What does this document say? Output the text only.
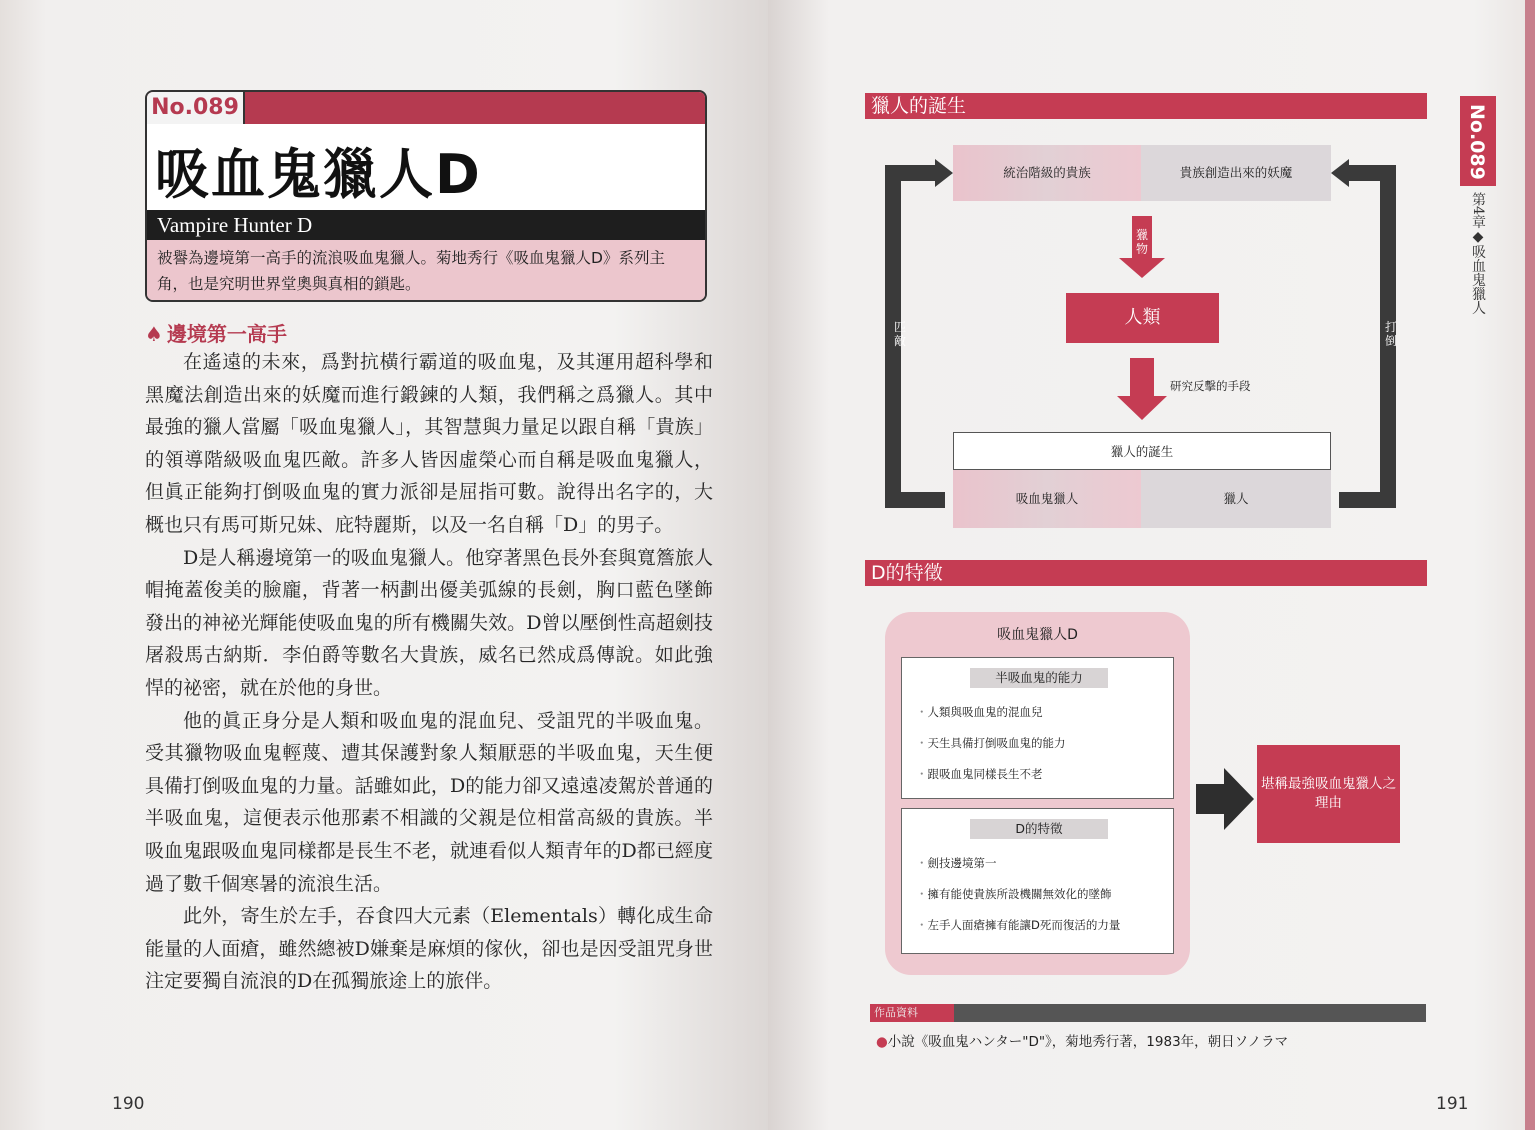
No.089
吸血鬼獵人D
Vampire Hunter D
被譽為邊境第一高手的流浪吸血鬼獵人。菊地秀行《吸血鬼獵人D》系列主角，也是究明世界堂奧與真相的鎖匙。
♠ 邊境第一高手

在遙遠的未來，爲對抗橫行霸道的吸血鬼，及其運用超科學和黑魔法創造出來的妖魔而進行鍛鍊的人類，我們稱之爲獵人。其中最強的獵人當屬「吸血鬼獵人」，其智慧與力量足以跟自稱「貴族」的領導階級吸血鬼匹敵。許多人皆因虛榮心而自稱是吸血鬼獵人，但眞正能夠打倒吸血鬼的實力派卻是屈指可數。說得出名字的，大概也只有馬可斯兄妹、庇特麗斯，以及一名自稱「D」的男子。

D是人稱邊境第一的吸血鬼獵人。他穿著黑色長外套與寬簷旅人帽掩蓋俊美的臉龐，背著一柄劃出優美弧線的長劍，胸口藍色墜飾發出的神祕光輝能使吸血鬼的所有機關失效。D曾以壓倒性高超劍技屠殺馬古納斯．李伯爵等數名大貴族，威名已然成爲傳說。如此強悍的祕密，就在於他的身世。

他的眞正身分是人類和吸血鬼的混血兒、受詛咒的半吸血鬼。受其獵物吸血鬼輕蔑、遭其保護對象人類厭惡的半吸血鬼，天生便具備打倒吸血鬼的力量。話雖如此，D的能力卻又遠遠凌駕於普通的半吸血鬼，這便表示他那素不相識的父親是位相當高級的貴族。半吸血鬼跟吸血鬼同樣都是長生不老，就連看似人類青年的D都已經度過了數千個寒暑的流浪生活。

此外，寄生於左手，吞食四大元素（Elementals）轉化成生命能量的人面瘡，雖然總被D嫌棄是麻煩的傢伙，卻也是因受詛咒身世注定要獨自流浪的D在孤獨旅途上的旅伴。

190
獵人的誕生
統治階級的貴族	貴族創造出來的妖魔
獵物
人類
研究反擊的手段
獵人的誕生
吸血鬼獵人	獵人
匹敵
打倒
D的特徵
吸血鬼獵人D
半吸血鬼的能力
・ 人類與吸血鬼的混血兒
・ 天生具備打倒吸血鬼的能力
・ 跟吸血鬼同樣長生不老
D的特徵
・ 劍技邊境第一
・ 擁有能使貴族所設機關無效化的墜飾
・ 左手人面瘡擁有能讓D死而復活的力量
堪稱最強吸血鬼獵人之理由
作品資料
●小說《吸血鬼ハンター"D"》，菊地秀行著，1983年，朝日ソノラマ
No.089
第4章◆吸血鬼獵人
191
